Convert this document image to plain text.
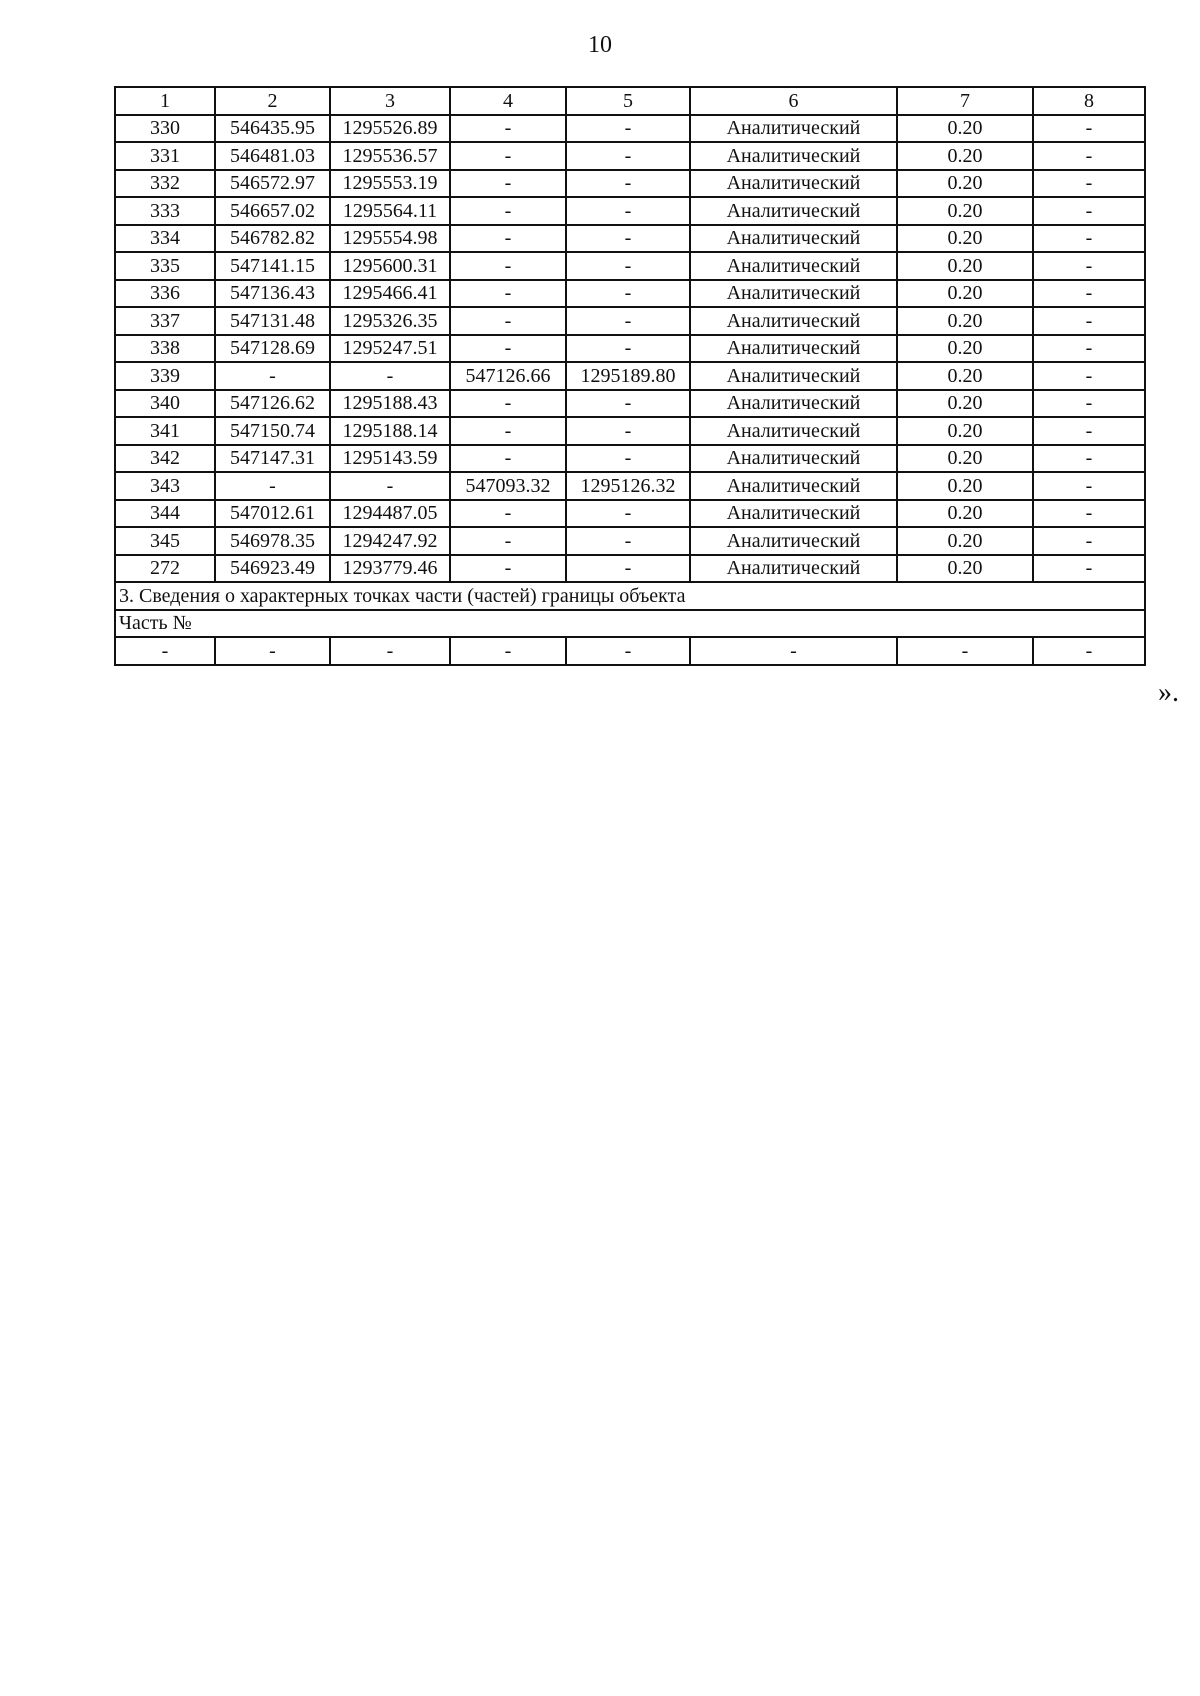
10
1	2	3	4	5	6	7	8
330	546435.95	1295526.89	-	-	Аналитический	0.20	-
331	546481.03	1295536.57	-	-	Аналитический	0.20	-
332	546572.97	1295553.19	-	-	Аналитический	0.20	-
333	546657.02	1295564.11	-	-	Аналитический	0.20	-
334	546782.82	1295554.98	-	-	Аналитический	0.20	-
335	547141.15	1295600.31	-	-	Аналитический	0.20	-
336	547136.43	1295466.41	-	-	Аналитический	0.20	-
337	547131.48	1295326.35	-	-	Аналитический	0.20	-
338	547128.69	1295247.51	-	-	Аналитический	0.20	-
339	-	-	547126.66	1295189.80	Аналитический	0.20	-
340	547126.62	1295188.43	-	-	Аналитический	0.20	-
341	547150.74	1295188.14	-	-	Аналитический	0.20	-
342	547147.31	1295143.59	-	-	Аналитический	0.20	-
343	-	-	547093.32	1295126.32	Аналитический	0.20	-
344	547012.61	1294487.05	-	-	Аналитический	0.20	-
345	546978.35	1294247.92	-	-	Аналитический	0.20	-
272	546923.49	1293779.46	-	-	Аналитический	0.20	-
3. Сведения о характерных точках части (частей) границы объекта							
Часть №							
-	-	-	-	-	-	-	-
».
